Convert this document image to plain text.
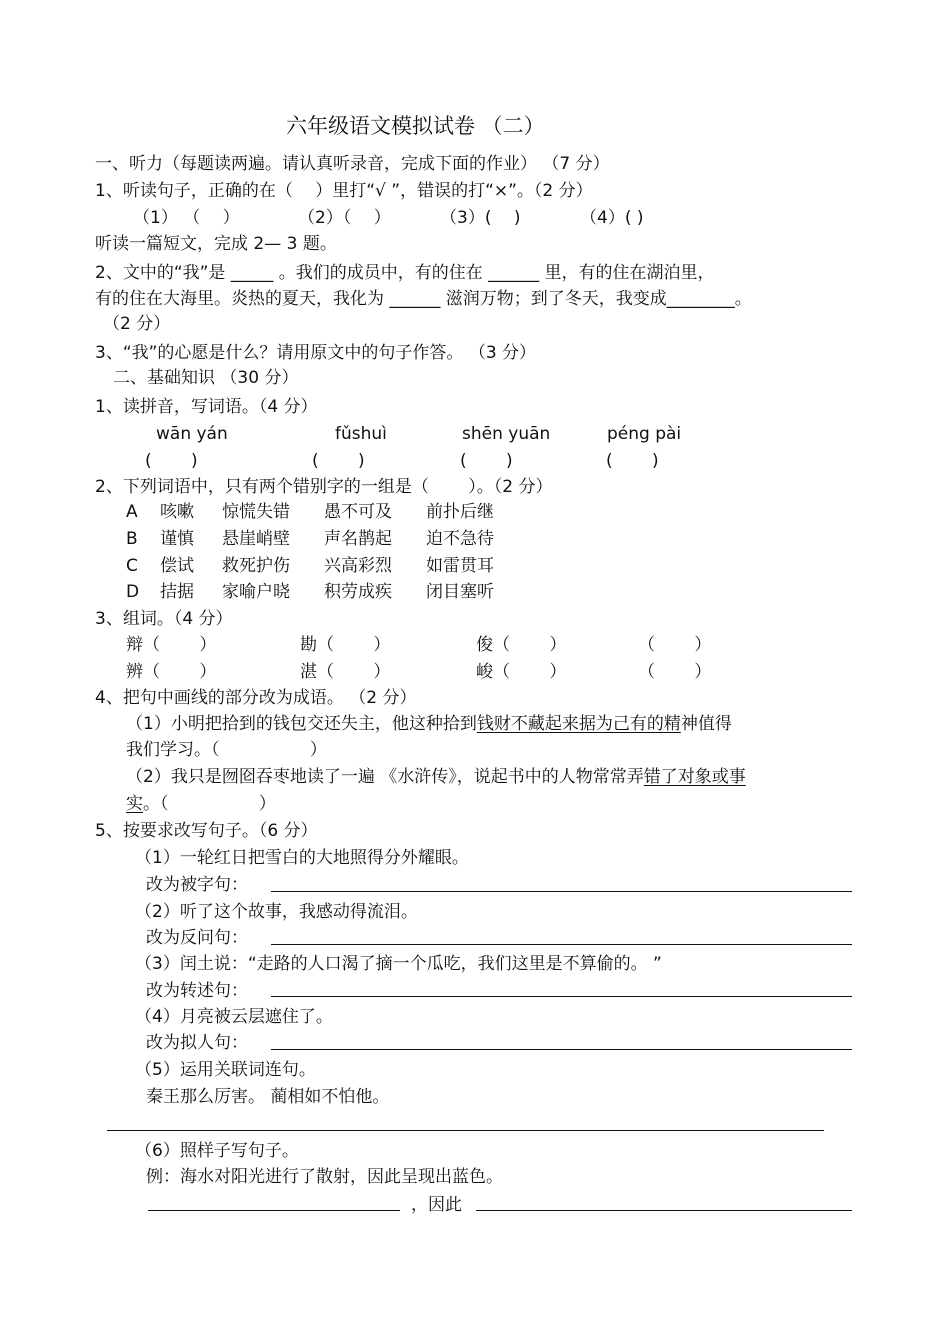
六年级语文模拟试卷 （二）
一、听力（每题读两遍。请认真听录音，完成下面的作业） （7 分）
1、听读句子，正确的在（　 ）里打“√ ”，错误的打“×”。（2 分）
（1） （　 ）	（2）（　 ）	（3）(　 )	（4）( )
听读一篇短文，完成 2— 3 题。
2、文中的“我”是 _____ 。我们的成员中，有的住在 ______ 里，有的住在湖泊里，
有的住在大海里。炎热的夏天，我化为 ______ 滋润万物；到了冬天，我变成________。
（2 分）
3、“我”的心愿是什么？请用原文中的句子作答。 （3 分）
二、基础知识 （30 分）
1、读拼音，写词语。（4 分）
wān yán	fǔshuì	shēn yuān	péng pài
(　　 )	(　　 )	(　　 )	(　　 )
2、下列词语中，只有两个错别字的一组是（　　 ）。（2 分）
A 咳嗽 惊慌失错 愚不可及 前扑后继
B 谨慎 悬崖峭壁 声名鹊起 迫不急待
C 偿试 救死护伤 兴高彩烈 如雷贯耳
D 拮据 家喻户晓 积劳成疾 闭目塞听
3、组词。（4 分）
辩（　　 ）	勘（　　 ）	俊（　　 ）	（　　 ）
辨（　　 ）	湛（　　 ）	峻（　　 ）	（　　 ）
4、把句中画线的部分改为成语。 （2 分）
（1）小明把拾到的钱包交还失主，他这种拾到钱财不藏起来据为己有的精神值得
我们学习。（　　　　　 ）
（2）我只是囫囵吞枣地读了一遍 《水浒传》，说起书中的人物常常弄错了对象或事
实。（　　　　　 ）
5、按要求改写句子。（6 分）
（1）一轮红日把雪白的大地照得分外耀眼。
改为被字句：
（2）听了这个故事，我感动得流泪。
改为反问句：
（3）闰土说：“走路的人口渴了摘一个瓜吃，我们这里是不算偷的。 ”
改为转述句：
（4）月亮被云层遮住了。
改为拟人句：
（5）运用关联词连句。
秦王那么厉害。 蔺相如不怕他。
（6）照样子写句子。
例：海水对阳光进行了散射，因此呈现出蓝色。
，因此
